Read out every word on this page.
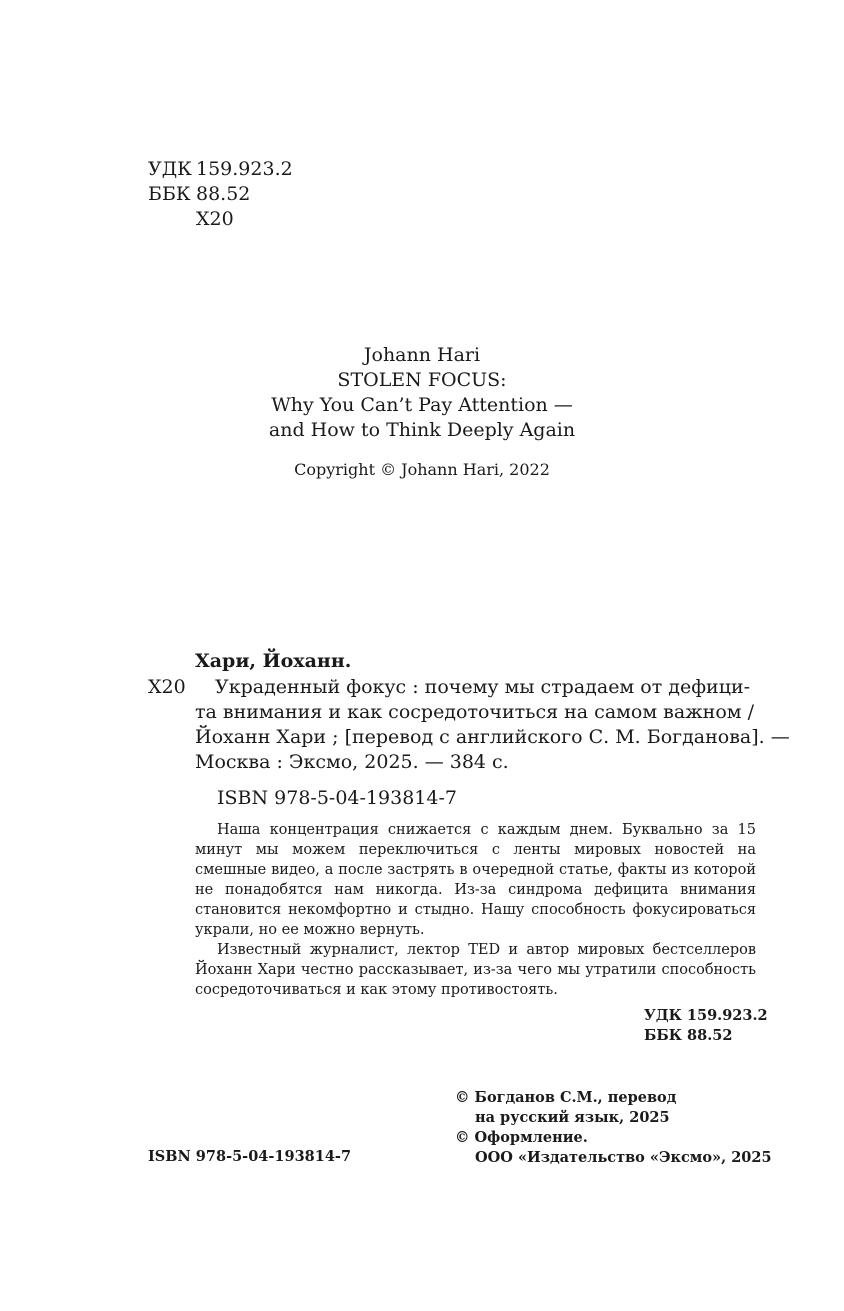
УДК 159.923.2
ББК 88.52
Х20
Johann Hari
STOLEN FOCUS:
Why You Can’t Pay Attention —
and How to Think Deeply Again
Copyright © Johann Hari, 2022
Хари, Йоханн.
Х20	Украденный фокус : почему мы страдаем от дефици-
та внимания и как сосредоточиться на самом важном /
Йоханн Хари ; [перевод с английского С. М. Богданова]. —
Москва : Эксмо, 2025. — 384 с.
ISBN 978-5-04-193814-7

Наша концентрация снижается с каждым днем. Буквально за 15 минут мы можем переключиться с ленты мировых новостей на смешные видео, а после застрять в очередной статье, факты из которой не понадобятся нам никогда. Из-за синдрома дефицита внимания становится некомфортно и стыдно. Нашу способность фокусироваться украли, но ее можно вернуть.

Известный журналист, лектор TED и автор мировых бестселлеров Йоханн Хари честно рассказывает, из-за чего мы утратили способность сосредоточиваться и как этому противостоять.

УДК 159.923.2
ББК 88.52
ISBN 978-5-04-193814-7
© Богданов С.М., перевод
на русский язык, 2025
© Оформление.
ООО «Издательство «Эксмо», 2025
